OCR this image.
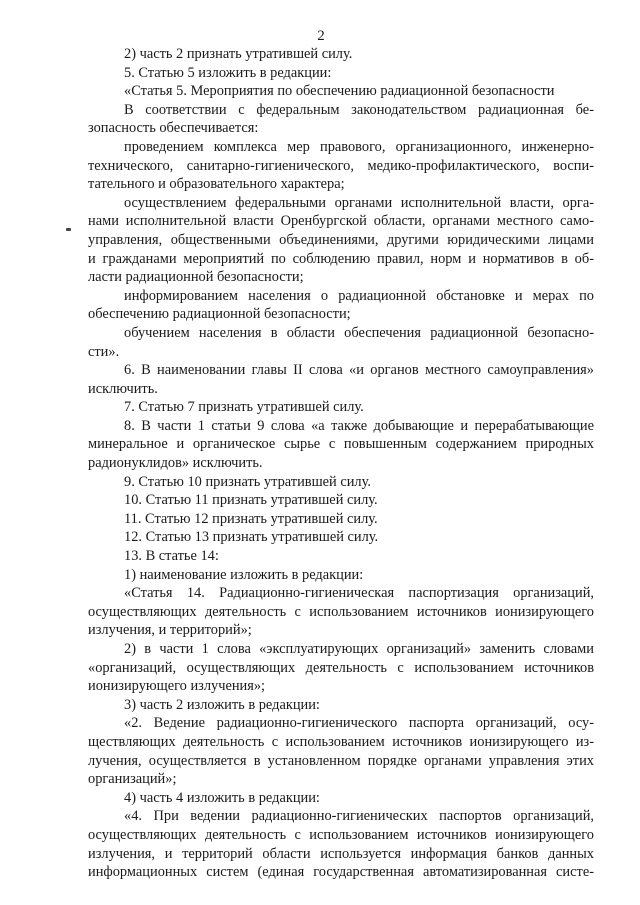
2
2) часть 2 признать утратившей силу.
5. Статью 5 изложить в редакции:
«Статья 5. Мероприятия по обеспечению радиационной безопасности
В соответствии с федеральным законодательством радиационная бе-
зопасность обеспечивается:
проведением комплекса мер правового, организационного, инженерно-
технического, санитарно-гигиенического, медико-профилактического, воспи-
тательного и образовательного характера;
осуществлением федеральными органами исполнительной власти, орга-
нами исполнительной власти Оренбургской области, органами местного само-
управления, общественными объединениями, другими юридическими лицами
и гражданами мероприятий по соблюдению правил, норм и нормативов в об-
ласти радиационной безопасности;
информированием населения о радиационной обстановке и мерах по
обеспечению радиационной безопасности;
обучением населения в области обеспечения радиационной безопасно-
сти».
6. В наименовании главы II слова «и органов местного самоуправления»
исключить.
7. Статью 7 признать утратившей силу.
8. В части 1 статьи 9 слова «а также добывающие и перерабатывающие
минеральное и органическое сырье с повышенным содержанием природных
радионуклидов» исключить.
9. Статью 10 признать утратившей силу.
10. Статью 11 признать утратившей силу.
11. Статью 12 признать утратившей силу.
12. Статью 13 признать утратившей силу.
13. В статье 14:
1) наименование изложить в редакции:
«Статья 14. Радиационно-гигиеническая паспортизация организаций,
осуществляющих деятельность с использованием источников ионизирующего
излучения, и территорий»;
2) в части 1 слова «эксплуатирующих организаций» заменить словами
«организаций, осуществляющих деятельность с использованием источников
ионизирующего излучения»;
3) часть 2 изложить в редакции:
«2. Ведение радиационно-гигиенического паспорта организаций, осу-
ществляющих деятельность с использованием источников ионизирующего из-
лучения, осуществляется в установленном порядке органами управления этих
организаций»;
4) часть 4 изложить в редакции:
«4. При ведении радиационно-гигиенических паспортов организаций,
осуществляющих деятельность с использованием источников ионизирующего
излучения, и территорий области используется информация банков данных
информационных систем (единая государственная автоматизированная систе-
